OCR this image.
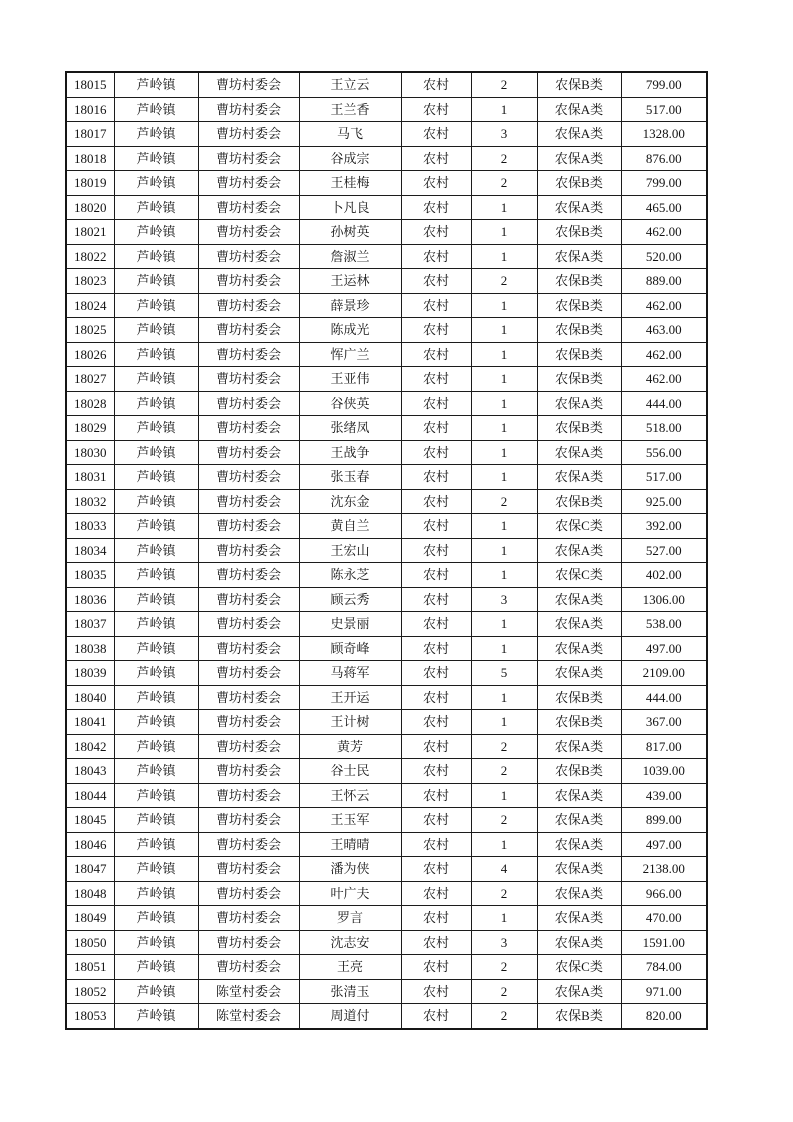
18015	芦岭镇	曹坊村委会	王立云	农村	2	农保B类	799.00
18016	芦岭镇	曹坊村委会	王兰香	农村	1	农保A类	517.00
18017	芦岭镇	曹坊村委会	马飞	农村	3	农保A类	1328.00
18018	芦岭镇	曹坊村委会	谷成宗	农村	2	农保A类	876.00
18019	芦岭镇	曹坊村委会	王桂梅	农村	2	农保B类	799.00
18020	芦岭镇	曹坊村委会	卜凡良	农村	1	农保A类	465.00
18021	芦岭镇	曹坊村委会	孙树英	农村	1	农保B类	462.00
18022	芦岭镇	曹坊村委会	詹淑兰	农村	1	农保A类	520.00
18023	芦岭镇	曹坊村委会	王运林	农村	2	农保B类	889.00
18024	芦岭镇	曹坊村委会	薛景珍	农村	1	农保B类	462.00
18025	芦岭镇	曹坊村委会	陈成光	农村	1	农保B类	463.00
18026	芦岭镇	曹坊村委会	恽广兰	农村	1	农保B类	462.00
18027	芦岭镇	曹坊村委会	王亚伟	农村	1	农保B类	462.00
18028	芦岭镇	曹坊村委会	谷侠英	农村	1	农保A类	444.00
18029	芦岭镇	曹坊村委会	张绪凤	农村	1	农保B类	518.00
18030	芦岭镇	曹坊村委会	王战争	农村	1	农保A类	556.00
18031	芦岭镇	曹坊村委会	张玉春	农村	1	农保A类	517.00
18032	芦岭镇	曹坊村委会	沈东金	农村	2	农保B类	925.00
18033	芦岭镇	曹坊村委会	黄自兰	农村	1	农保C类	392.00
18034	芦岭镇	曹坊村委会	王宏山	农村	1	农保A类	527.00
18035	芦岭镇	曹坊村委会	陈永芝	农村	1	农保C类	402.00
18036	芦岭镇	曹坊村委会	顾云秀	农村	3	农保A类	1306.00
18037	芦岭镇	曹坊村委会	史景丽	农村	1	农保A类	538.00
18038	芦岭镇	曹坊村委会	顾奇峰	农村	1	农保A类	497.00
18039	芦岭镇	曹坊村委会	马蒋军	农村	5	农保A类	2109.00
18040	芦岭镇	曹坊村委会	王开运	农村	1	农保B类	444.00
18041	芦岭镇	曹坊村委会	王计树	农村	1	农保B类	367.00
18042	芦岭镇	曹坊村委会	黄芳	农村	2	农保A类	817.00
18043	芦岭镇	曹坊村委会	谷士民	农村	2	农保B类	1039.00
18044	芦岭镇	曹坊村委会	王怀云	农村	1	农保A类	439.00
18045	芦岭镇	曹坊村委会	王玉军	农村	2	农保A类	899.00
18046	芦岭镇	曹坊村委会	王晴晴	农村	1	农保A类	497.00
18047	芦岭镇	曹坊村委会	潘为侠	农村	4	农保A类	2138.00
18048	芦岭镇	曹坊村委会	叶广夫	农村	2	农保A类	966.00
18049	芦岭镇	曹坊村委会	罗言	农村	1	农保A类	470.00
18050	芦岭镇	曹坊村委会	沈志安	农村	3	农保A类	1591.00
18051	芦岭镇	曹坊村委会	王亮	农村	2	农保C类	784.00
18052	芦岭镇	陈堂村委会	张清玉	农村	2	农保A类	971.00
18053	芦岭镇	陈堂村委会	周道付	农村	2	农保B类	820.00
